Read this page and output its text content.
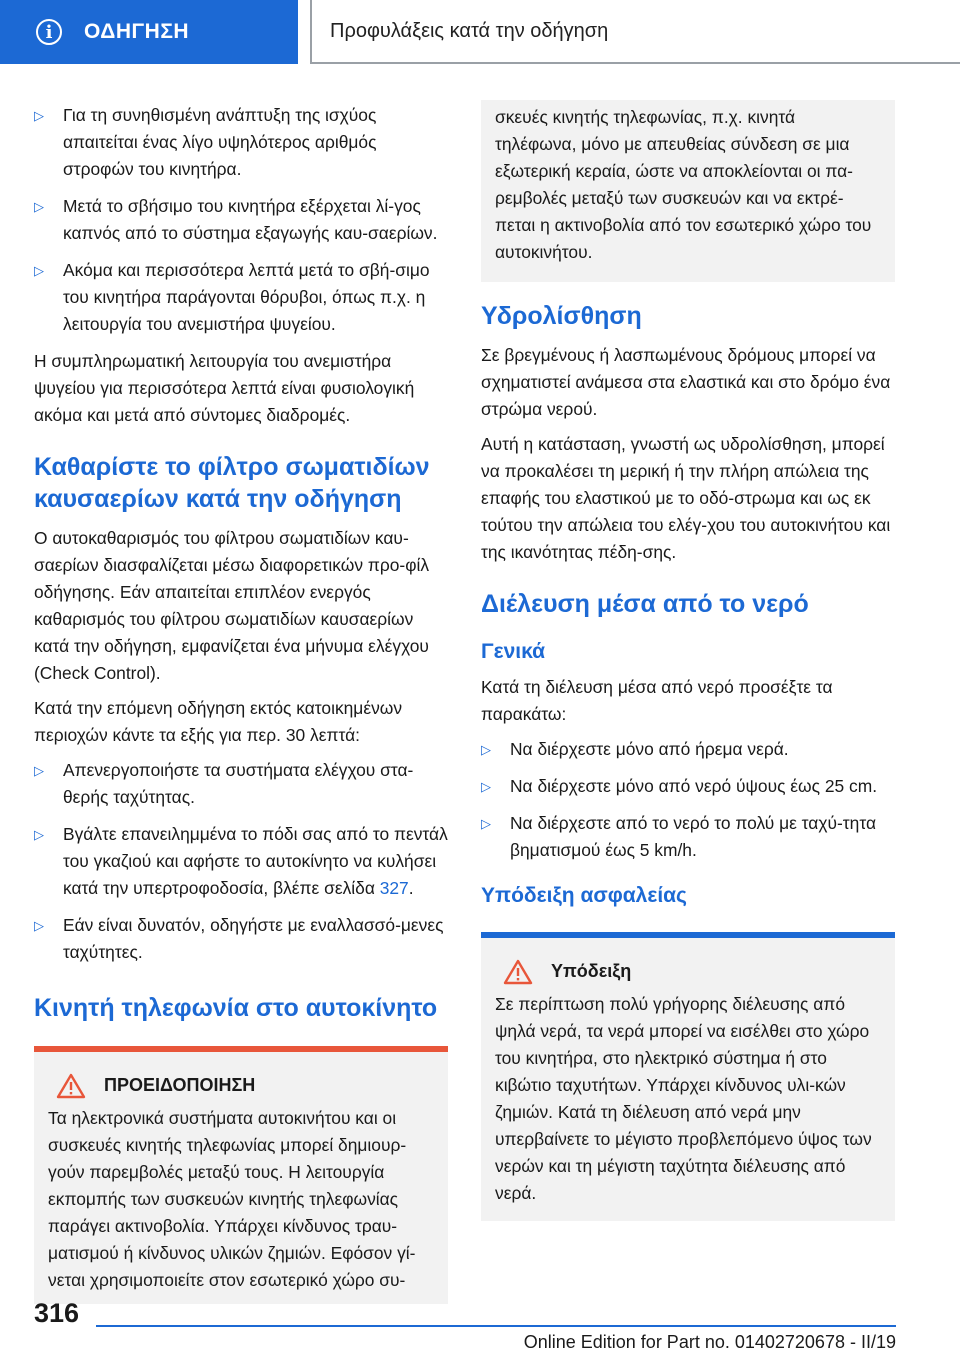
i	ΟΔΗΓΗΣΗ	Προφυλάξεις κατά την οδήγηση
▷ Για τη συνηθισμένη ανάπτυξη της ισχύος απαιτείται ένας λίγο υψηλότερος αριθμός στροφών του κινητήρα.
▷ Μετά το σβήσιμο του κινητήρα εξέρχεται λί-γος καπνός από το σύστημα εξαγωγής καυ-σαερίων.
▷ Ακόμα και περισσότερα λεπτά μετά το σβή-σιμο του κινητήρα παράγονται θόρυβοι, όπως π.χ. η λειτουργία του ανεμιστήρα ψυγείου.

Η συμπληρωματική λειτουργία του ανεμιστήρα ψυγείου για περισσότερα λεπτά είναι φυσιολογική ακόμα και μετά από σύντομες διαδρομές.

Καθαρίστε το φίλτρο σωματιδίων καυσαερίων κατά την οδήγηση

Ο αυτοκαθαρισμός του φίλτρου σωματιδίων καυ-σαερίων διασφαλίζεται μέσω διαφορετικών προ-φίλ οδήγησης. Εάν απαιτείται επιπλέον ενεργός καθαρισμός του φίλτρου σωματιδίων καυσαερίων κατά την οδήγηση, εμφανίζεται ένα μήνυμα ελέγχου (Check Control).

Κατά την επόμενη οδήγηση εκτός κατοικημένων περιοχών κάντε τα εξής για περ. 30 λεπτά:

▷ Απενεργοποιήστε τα συστήματα ελέγχου στα-θερής ταχύτητας.
▷ Βγάλτε επανειλημμένα το πόδι σας από το πεντάλ του γκαζιού και αφήστε το αυτοκίνητο να κυλήσει κατά την υπερτροφοδοσία, βλέπε σελίδα 327.
▷ Εάν είναι δυνατόν, οδηγήστε με εναλλασσό-μενες ταχύτητες.
Κινητή τηλεφωνία στο αυτοκίνητο
ΠΡΟΕΙΔΟΠΟΙΗΣΗ
Τα ηλεκτρονικά συστήματα αυτοκινήτου και οι συσκευές κινητής τηλεφωνίας μπορεί δημιουρ-γούν παρεμβολές μεταξύ τους. Η λειτουργία εκπομπής των συσκευών κινητής τηλεφωνίας παράγει ακτινοβολία. Υπάρχει κίνδυνος τραυ-ματισμού ή κίνδυνος υλικών ζημιών. Εφόσον γί-νεται χρησιμοποιείτε στον εσωτερικό χώρο συ-
σκευές κινητής τηλεφωνίας, π.χ. κινητά τηλέφωνα, μόνο με απευθείας σύνδεση σε μια εξωτερική κεραία, ώστε να αποκλείονται οι πα-ρεμβολές μεταξύ των συσκευών και να εκτρέ-πεται η ακτινοβολία από τον εσωτερικό χώρο του αυτοκινήτου.
Υδρολίσθηση

Σε βρεγμένους ή λασπωμένους δρόμους μπορεί να σχηματιστεί ανάμεσα στα ελαστικά και στο δρόμο ένα στρώμα νερού.

Αυτή η κατάσταση, γνωστή ως υδρολίσθηση, μπορεί να προκαλέσει τη μερική ή την πλήρη απώλεια της επαφής του ελαστικού με το οδό-στρωμα και ως εκ τούτου την απώλεια του ελέγ-χου του αυτοκινήτου και της ικανότητας πέδη-σης.

Διέλευση μέσα από το νερό
Γενικά

Κατά τη διέλευση μέσα από νερό προσέξτε τα παρακάτω:

▷ Να διέρχεστε μόνο από ήρεμα νερά.
▷ Να διέρχεστε μόνο από νερό ύψους έως 25 cm.
▷ Να διέρχεστε από το νερό το πολύ με ταχύ-τητα βηματισμού έως 5 km/h.
Υπόδειξη ασφαλείας
Υπόδειξη
Σε περίπτωση πολύ γρήγορης διέλευσης από ψηλά νερά, τα νερά μπορεί να εισέλθει στο χώρο του κινητήρα, στο ηλεκτρικό σύστημα ή στο κιβώτιο ταχυτήτων. Υπάρχει κίνδυνος υλι-κών ζημιών. Κατά τη διέλευση από νερά μην υπερβαίνετε το μέγιστο προβλεπόμενο ύψος των νερών και τη μέγιστη ταχύτητα διέλευσης από νερά.
316
Online Edition for Part no. 01402720678 - II/19
